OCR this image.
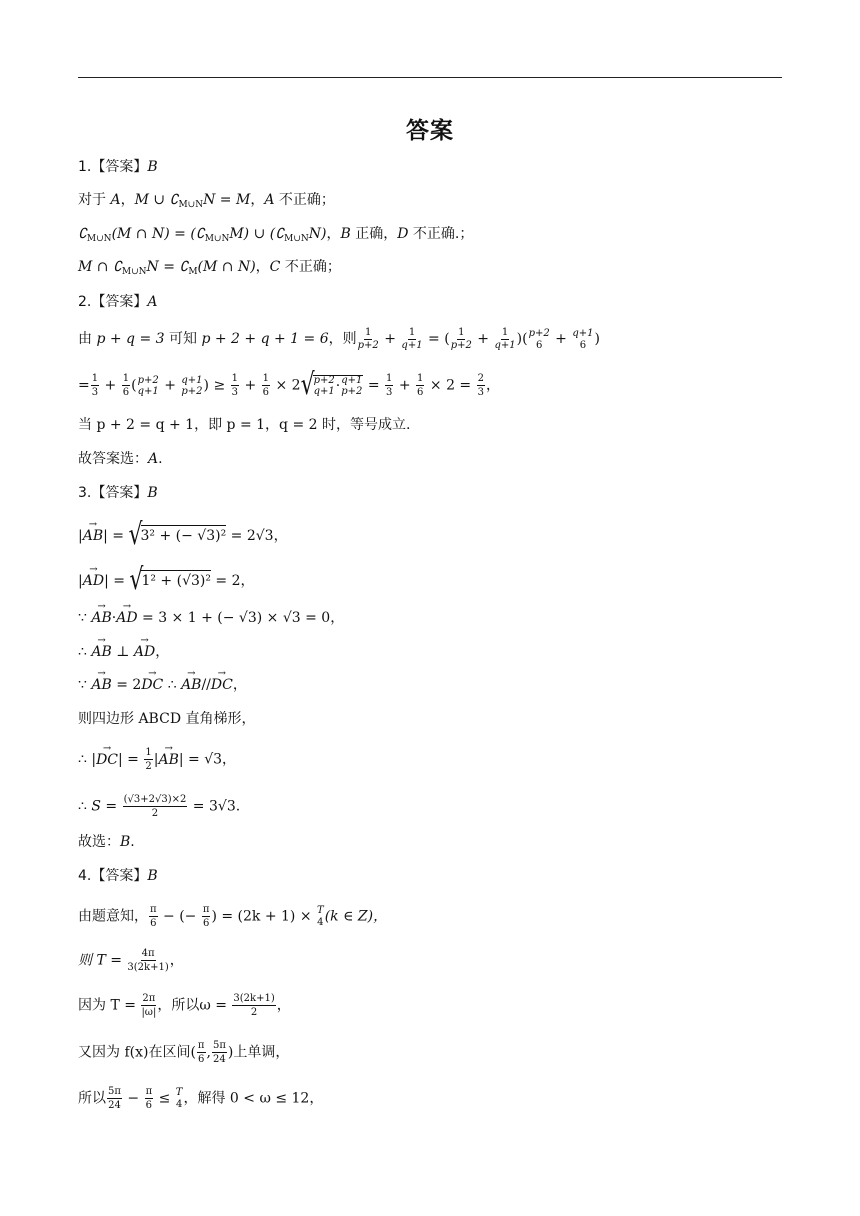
答案
1.【答案】B
对于 A，M ∪ $∁_{M\cup N}N = M$，A 不正确；
$∁_{M\cup N}(M$ ∩ $N) = (∁_{M\cup N}M)$ ∪ $(∁_{M\cup N}N)$，B 正确，D 不正确.；
M ∩ $∁_{M\cup N}N$ = $∁_M(M$ ∩ N)，C 不正确；
2.【答案】A
由 p + q = 3 可知 p + 2 + q + 1 = 6，则 $\frac{1}{p+2} + \frac{1}{q+1}$ = ( $\frac{1}{p+2} + \frac{1}{q+1}$ )( p+2
6 + q+1
6 )
= $\frac{1}{3} + \frac{1}{6}$ ( p+2
q+1 + q+1
p+2 ) ≥ $\frac{1}{3} + \frac{1}{6} \times 2√$ p+2
q+1 · q+1
$p+2 = \frac{1}{3} + \frac{1}{6} \times 2 = \frac{2}{3}$ ，
当 p + 2 = q + 1，即 p = 1，q = 2 时，等号成立.
故答案选：A.
3.【答案】B
|→ AB| = √3² + (− √3)² = 2√3，
|→ AD| = √1² + (√3)² = 2，
∵ → AB·→ AD = 3 × 1 + (− √3) × √3 = 0，
∴ → AB ⊥ → AD，
∵ → AB = 2→ DC ∴ → AB//→ DC，
则四边形 ABCD 直角梯形，
∴ |→ $DC| = \frac{1}{2}$ |→ AB| = √3，
∴ $S = \frac{(√3+2√3)\times 2}{2} = 3√3$.
故选：B.
4.【答案】B
由题意知， $\frac{\pi}{6}$ − (− $\frac{\pi}{6}$ ) = (2k + 1) × T
4 (k ∈ Z)，
则 $T = \frac{4\pi}{3(2k+1)}$ ，
因为 $T = \frac{2\pi}{|\omega|}$ ，所以$\omega = \frac{3(2k+1)}{2}$ ，
又因为 f(x)在区间( $\frac{\pi}{6}$ , $\frac{5\pi}{24}$ )上单调，
所以 $\frac{5\pi}{24} - \frac{\pi}{6} \le T$
4 ，解得 0 < ω ≤ 12，
